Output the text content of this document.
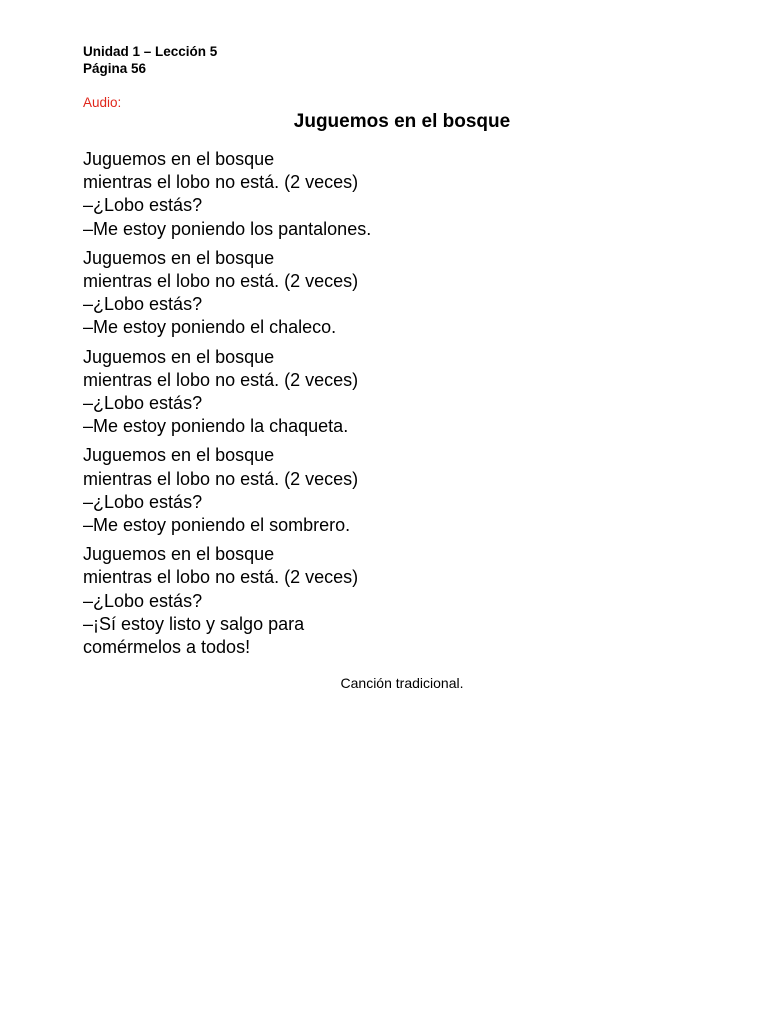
Unidad 1 – Lección 5
Página 56
Audio:
Juguemos en el bosque
Juguemos en el bosque
mientras el lobo no está. (2 veces)
–¿Lobo estás?
–Me estoy poniendo los pantalones.
Juguemos en el bosque
mientras el lobo no está. (2 veces)
–¿Lobo estás?
–Me estoy poniendo el chaleco.
Juguemos en el bosque
mientras el lobo no está. (2 veces)
–¿Lobo estás?
–Me estoy poniendo la chaqueta.
Juguemos en el bosque
mientras el lobo no está. (2 veces)
–¿Lobo estás?
–Me estoy poniendo el sombrero.
Juguemos en el bosque
mientras el lobo no está. (2 veces)
–¿Lobo estás?
–¡Sí estoy listo y salgo para
comérmelos a todos!
Canción tradicional.
